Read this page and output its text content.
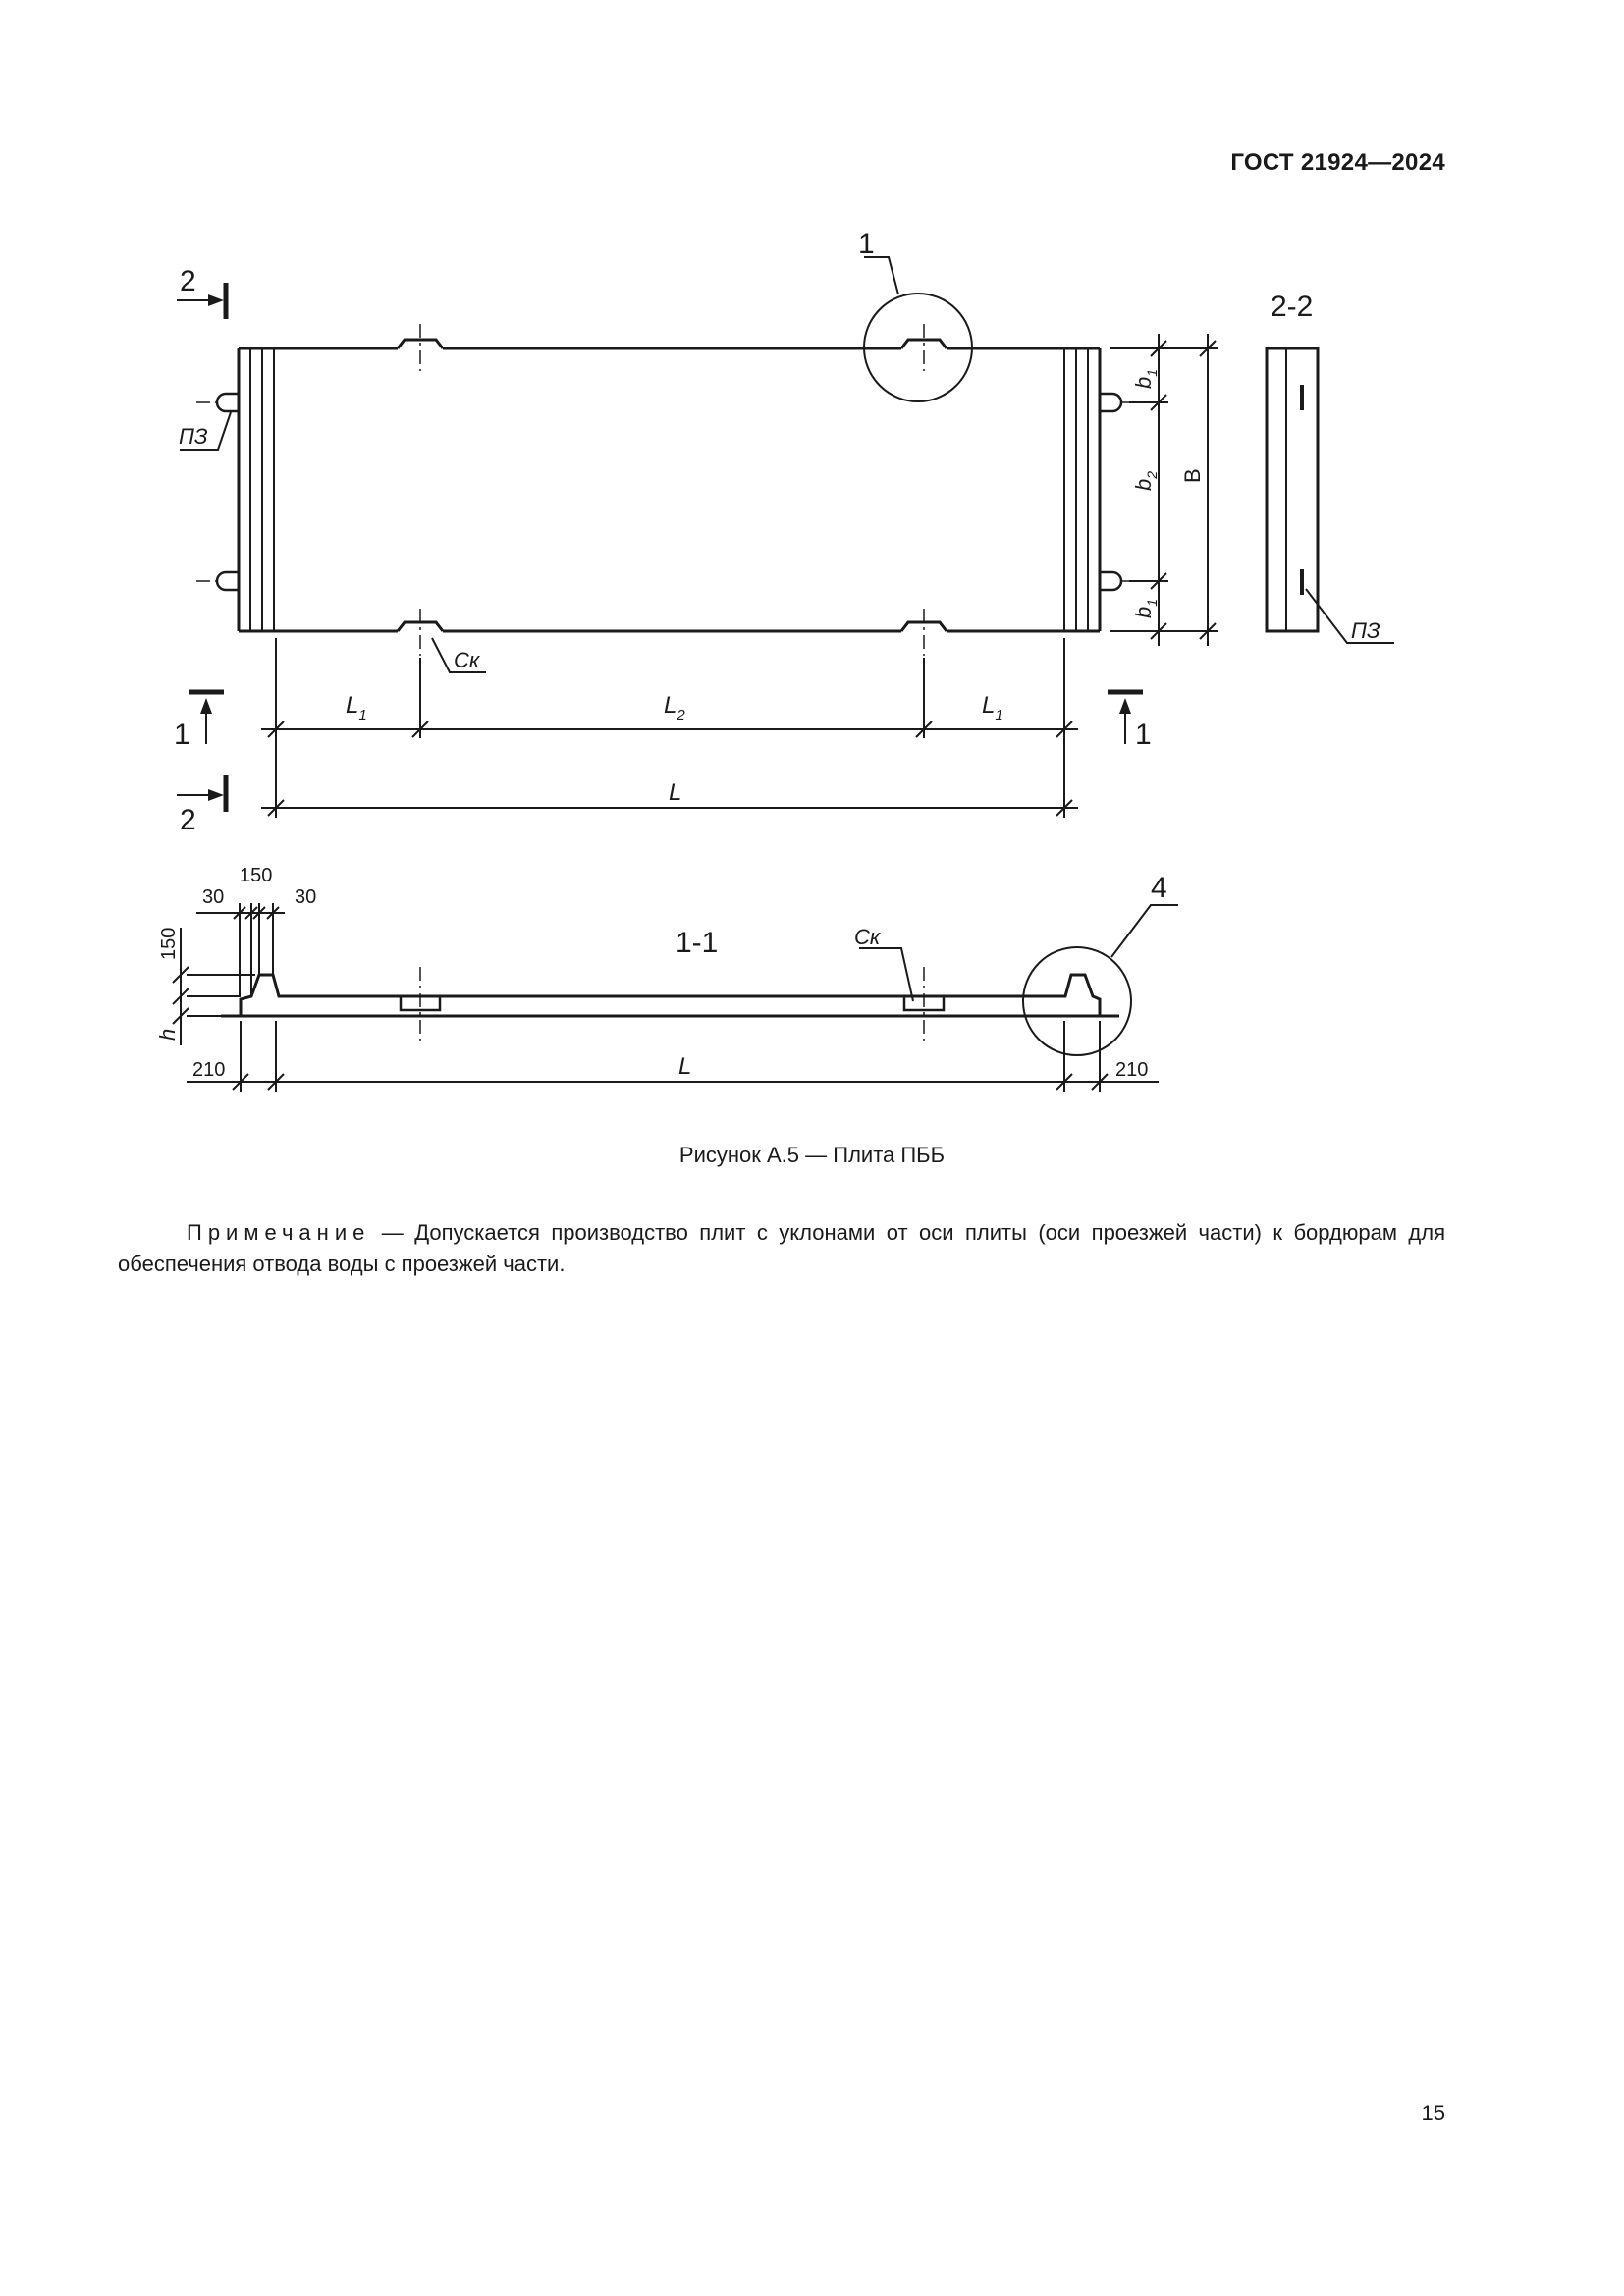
ГОСТ 21924—2024
1
2
2
1	1
ПЗ
Ск
$L_1$	$L_2$	$L_1$
L
$b_1$
$b_2$
$b_1$
B
2-2
ПЗ
1-1
4
Ск
150
30	30
150
h
210	210
L
Рисунок А.5 — Плита ПББ

Примечание — Допускается производство плит с уклонами от оси плиты (оси проезжей части) к бордюрам для обеспечения отвода воды с проезжей части.

15
